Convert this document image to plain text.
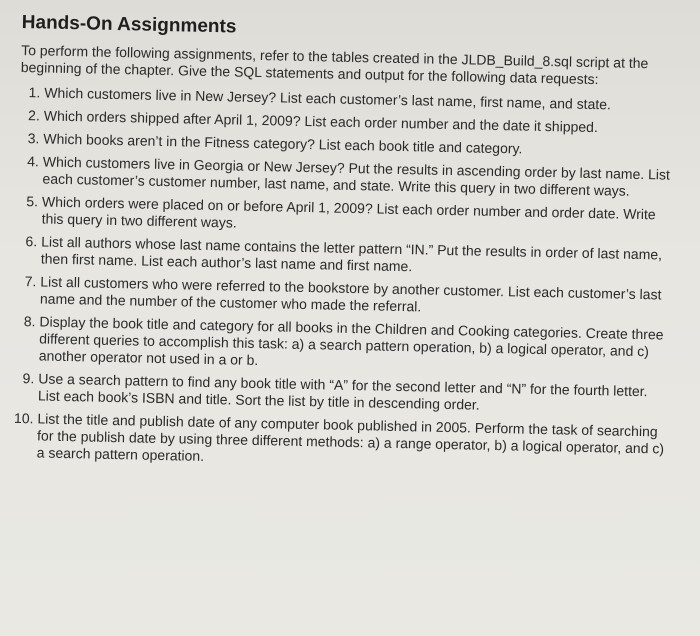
Hands-On Assignments
To perform the following assignments, refer to the tables created in the JLDB_Build_8.sql script at the beginning of the chapter. Give the SQL statements and output for the following data requests:
1. Which customers live in New Jersey? List each customer’s last name, first name, and state.
2. Which orders shipped after April 1, 2009? List each order number and the date it shipped.
3. Which books aren’t in the Fitness category? List each book title and category.
4. Which customers live in Georgia or New Jersey? Put the results in ascending order by last name. List each customer’s customer number, last name, and state. Write this query in two different ways.
5. Which orders were placed on or before April 1, 2009? List each order number and order date. Write this query in two different ways.
6. List all authors whose last name contains the letter pattern “IN.” Put the results in order of last name, then first name. List each author’s last name and first name.
7. List all customers who were referred to the bookstore by another customer. List each customer’s last name and the number of the customer who made the referral.
8. Display the book title and category for all books in the Children and Cooking categories. Create three different queries to accomplish this task: a) a search pattern operation, b) a logical operator, and c) another operator not used in a or b.
9. Use a search pattern to find any book title with “A” for the second letter and “N” for the fourth letter. List each book’s ISBN and title. Sort the list by title in descending order.
10. List the title and publish date of any computer book published in 2005. Perform the task of searching for the publish date by using three different methods: a) a range operator, b) a logical operator, and c) a search pattern operation.
